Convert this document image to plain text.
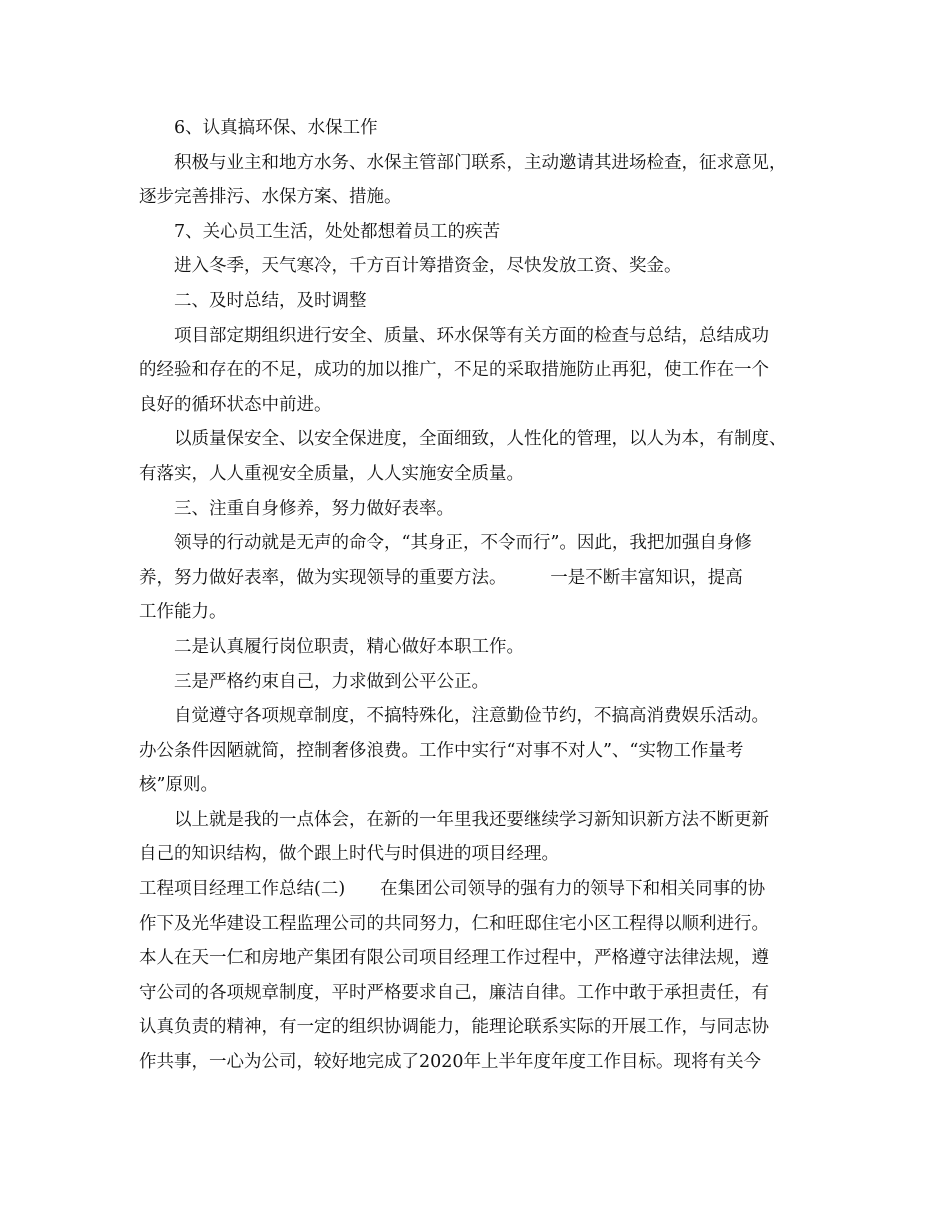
6、认真搞环保、水保工作
积极与业主和地方水务、水保主管部门联系，主动邀请其进场检查，征求意见，
逐步完善排污、水保方案、措施。
7、关心员工生活，处处都想着员工的疾苦
进入冬季，天气寒冷，千方百计筹措资金，尽快发放工资、奖金。
二、及时总结，及时调整
项目部定期组织进行安全、质量、环水保等有关方面的检查与总结，总结成功
的经验和存在的不足，成功的加以推广，不足的采取措施防止再犯，使工作在一个
良好的循环状态中前进。
以质量保安全、以安全保进度，全面细致，人性化的管理，以人为本，有制度、
有落实，人人重视安全质量，人人实施安全质量。
三、注重自身修养，努力做好表率。
领导的行动就是无声的命令，“其身正，不令而行”。因此，我把加强自身修
养，努力做好表率，做为实现领导的重要方法。　　　一是不断丰富知识，提高
工作能力。
二是认真履行岗位职责，精心做好本职工作。
三是严格约束自己，力求做到公平公正。
自觉遵守各项规章制度，不搞特殊化，注意勤俭节约，不搞高消费娱乐活动。
办公条件因陋就简，控制奢侈浪费。工作中实行“对事不对人”、“实物工作量考
核”原则。
以上就是我的一点体会，在新的一年里我还要继续学习新知识新方法不断更新
自己的知识结构，做个跟上时代与时俱进的项目经理。
工程项目经理工作总结(二)　　在集团公司领导的强有力的领导下和相关同事的协
作下及光华建设工程监理公司的共同努力，仁和旺邸住宅小区工程得以顺利进行。
本人在天一仁和房地产集团有限公司项目经理工作过程中，严格遵守法律法规，遵
守公司的各项规章制度，平时严格要求自己，廉洁自律。工作中敢于承担责任，有
认真负责的精神，有一定的组织协调能力，能理论联系实际的开展工作，与同志协
作共事，一心为公司，较好地完成了2020年上半年度年度工作目标。现将有关今
